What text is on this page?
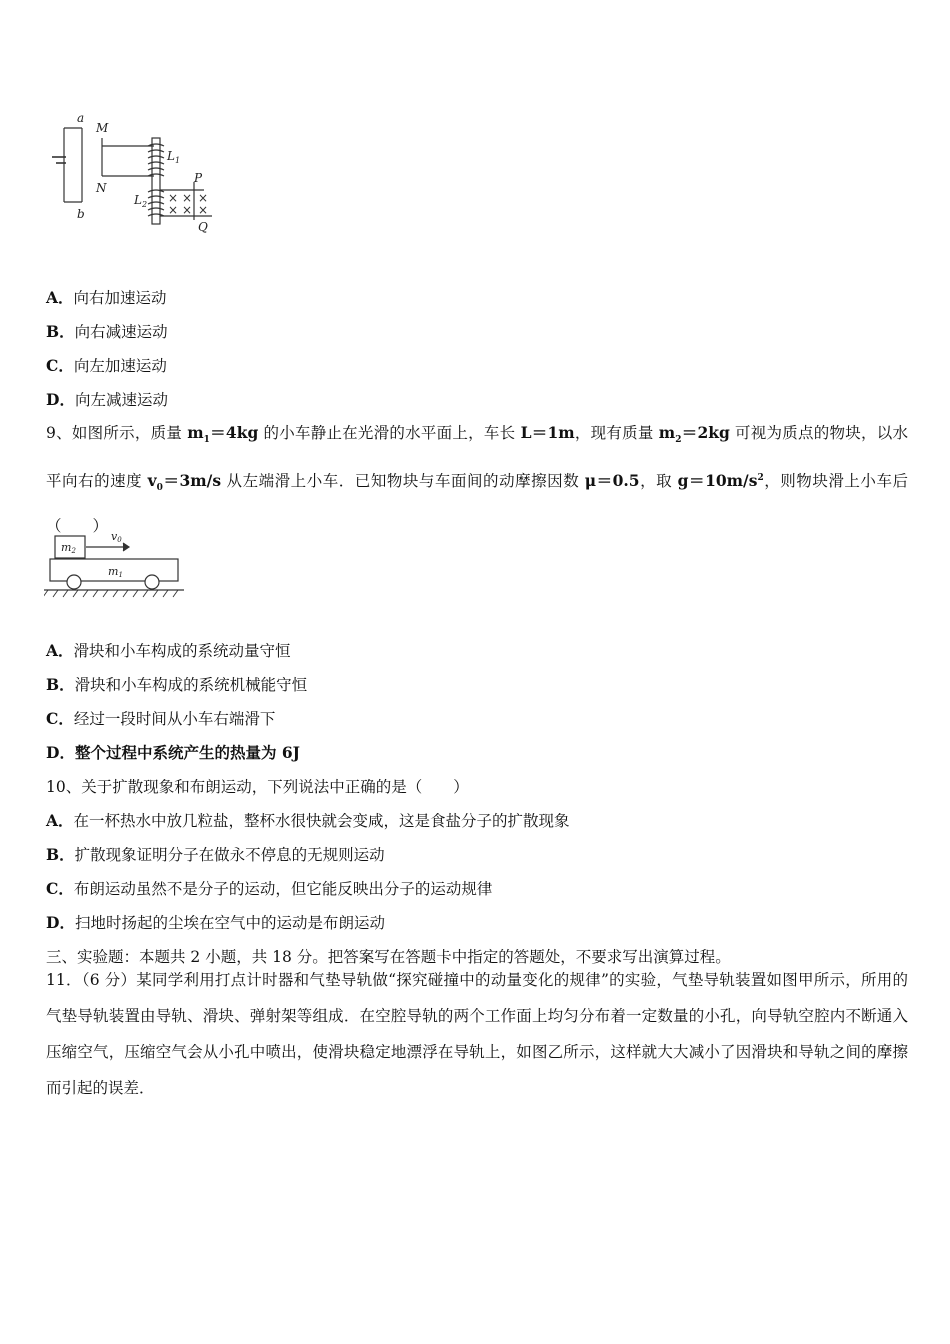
× × ×
× × ×
a
b
M
N
$L_1$
$L_2$
P
Q
A．向右加速运动
B．向右减速运动
C．向左加速运动
D．向左减速运动
9、如图所示，质量 $m_1=4kg$ 的小车静止在光滑的水平面上，车长 L＝1m，现有质量 $m_2=2kg$ 可视为质点的物块，以水平向右的速度 $v_0=3m/s$ 从左端滑上小车．已知物块与车面间的动摩擦因数 μ＝0.5，取 $g=10m/s^2$，则物块滑上小车后（　　）
m2
v0
m1
A．滑块和小车构成的系统动量守恒
B．滑块和小车构成的系统机械能守恒
C．经过一段时间从小车右端滑下
D．整个过程中系统产生的热量为 6J
10、关于扩散现象和布朗运动，下列说法中正确的是（　　）
A．在一杯热水中放几粒盐，整杯水很快就会变咸，这是食盐分子的扩散现象
B．扩散现象证明分子在做永不停息的无规则运动
C．布朗运动虽然不是分子的运动，但它能反映出分子的运动规律
D．扫地时扬起的尘埃在空气中的运动是布朗运动
三、实验题：本题共 2 小题，共 18 分。把答案写在答题卡中指定的答题处，不要求写出演算过程。
11．（6 分）某同学利用打点计时器和气垫导轨做“探究碰撞中的动量变化的规律”的实验，气垫导轨装置如图甲所示，所用的气垫导轨装置由导轨、滑块、弹射架等组成．在空腔导轨的两个工作面上均匀分布着一定数量的小孔，向导轨空腔内不断通入压缩空气，压缩空气会从小孔中喷出，使滑块稳定地漂浮在导轨上，如图乙所示，这样就大大减小了因滑块和导轨之间的摩擦而引起的误差．
